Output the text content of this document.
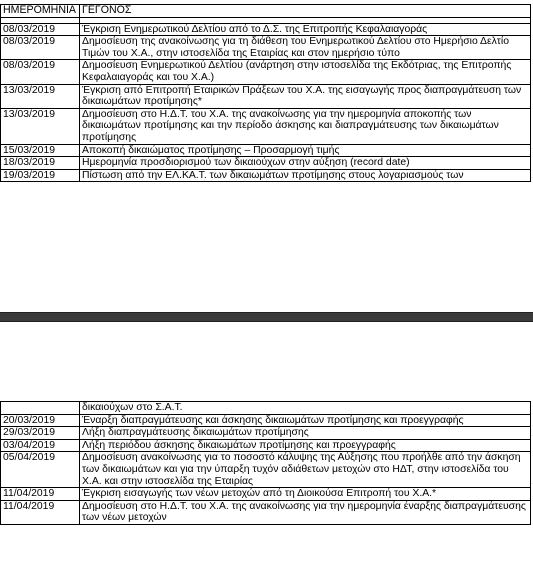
ΗΜΕΡΟΜΗΝΙΑ	ΓΕΓΟΝΟΣ

08/03/2019	Έγκριση Ενημερωτικού Δελτίου από το Δ.Σ. της Επιτροπής Κεφαλαιαγοράς
08/03/2019	Δημοσίευση της ανακοίνωσης για τη διάθεση του Ενημερωτικού Δελτίου στο Ημερήσιο Δελτίο Τιμών του Χ.Α., στην ιστοσελίδα της Εταιρίας και στον ημερήσιο τύπο
08/03/2019	Δημοσίευση Ενημερωτικού Δελτίου (ανάρτηση στην ιστοσελίδα της Εκδότριας, της Επιτροπής Κεφαλαιαγοράς και του Χ.Α.)
13/03/2019	Έγκριση από Επιτροπή Εταιρικών Πράξεων του Χ.Α. της εισαγωγής προς διαπραγμάτευση των δικαιωμάτων προτίμησης*
13/03/2019	Δημοσίευση στο Η.Δ.Τ. του Χ.Α. της ανακοίνωσης για την ημερομηνία αποκοπής των δικαιωμάτων προτίμησης και την περίοδο άσκησης και διαπραγμάτευσης των δικαιωμάτων προτίμησης
15/03/2019	Αποκοπή δικαιώματος προτίμησης – Προσαρμογή τιμής
18/03/2019	Ημερομηνία προσδιορισμού των δικαιούχων στην αύξηση (record date)
19/03/2019	Πίστωση από την ΕΛ.ΚΑ.Τ. των δικαιωμάτων προτίμησης στους λογαριασμούς των
	δικαιούχων στο Σ.Α.Τ.
20/03/2019	Έναρξη διαπραγμάτευσης και άσκησης δικαιωμάτων προτίμησης και προεγγραφής
29/03/2019	Λήξη διαπραγμάτευσης δικαιωμάτων προτίμησης
03/04/2019	Λήξη περιόδου άσκησης δικαιωμάτων προτίμησης και προεγγραφής
05/04/2019	Δημοσίευση ανακοίνωσης για το ποσοστό κάλυψης της Αύξησης που προήλθε από την άσκηση των δικαιωμάτων και για την ύπαρξη τυχόν αδιάθετων μετοχών στο ΗΔΤ, στην ιστοσελίδα του Χ.Α. και στην ιστοσελίδα της Εταιρίας
11/04/2019	Έγκριση εισαγωγής των νέων μετοχών από τη Διοικούσα Επιτροπή του Χ.Α.*
11/04/2019	Δημοσίευση στο Η.Δ.Τ. του Χ.Α. της ανακοίνωσης για την ημερομηνία έναρξης διαπραγμάτευσης των νέων μετοχών
